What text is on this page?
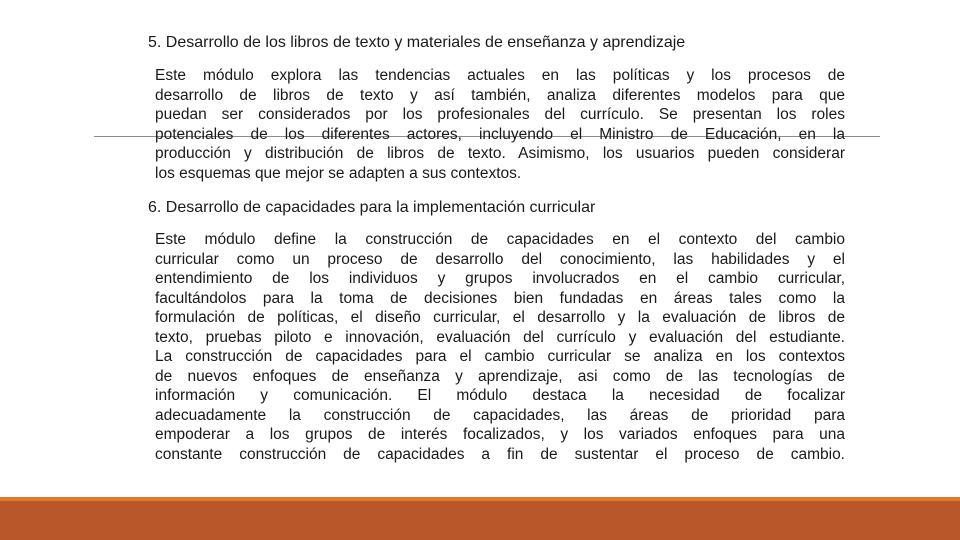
5. Desarrollo de los libros de texto y materiales de enseñanza y aprendizaje
Este módulo explora las tendencias actuales en las políticas y los procesos de
desarrollo de libros de texto y así también, analiza diferentes modelos para que
puedan ser considerados por los profesionales del currículo. Se presentan los roles
potenciales de los diferentes actores, incluyendo el Ministro de Educación, en la
producción y distribución de libros de texto. Asimismo, los usuarios pueden considerar
los esquemas que mejor se adapten a sus contextos.
6. Desarrollo de capacidades para la implementación curricular
Este módulo define la construcción de capacidades en el contexto del cambio
curricular como un proceso de desarrollo del conocimiento, las habilidades y el
entendimiento de los individuos y grupos involucrados en el cambio curricular,
facultándolos para la toma de decisiones bien fundadas en áreas tales como la
formulación de políticas, el diseño curricular, el desarrollo y la evaluación de libros de
texto, pruebas piloto e innovación, evaluación del currículo y evaluación del estudiante.
La construcción de capacidades para el cambio curricular se analiza en los contextos
de nuevos enfoques de enseñanza y aprendizaje, asi como de las tecnologías de
información y comunicación. El módulo destaca la necesidad de focalizar
adecuadamente la construcción de capacidades, las áreas de prioridad para
empoderar a los grupos de interés focalizados, y los variados enfoques para una
constante construcción de capacidades a fin de sustentar el proceso de cambio.
